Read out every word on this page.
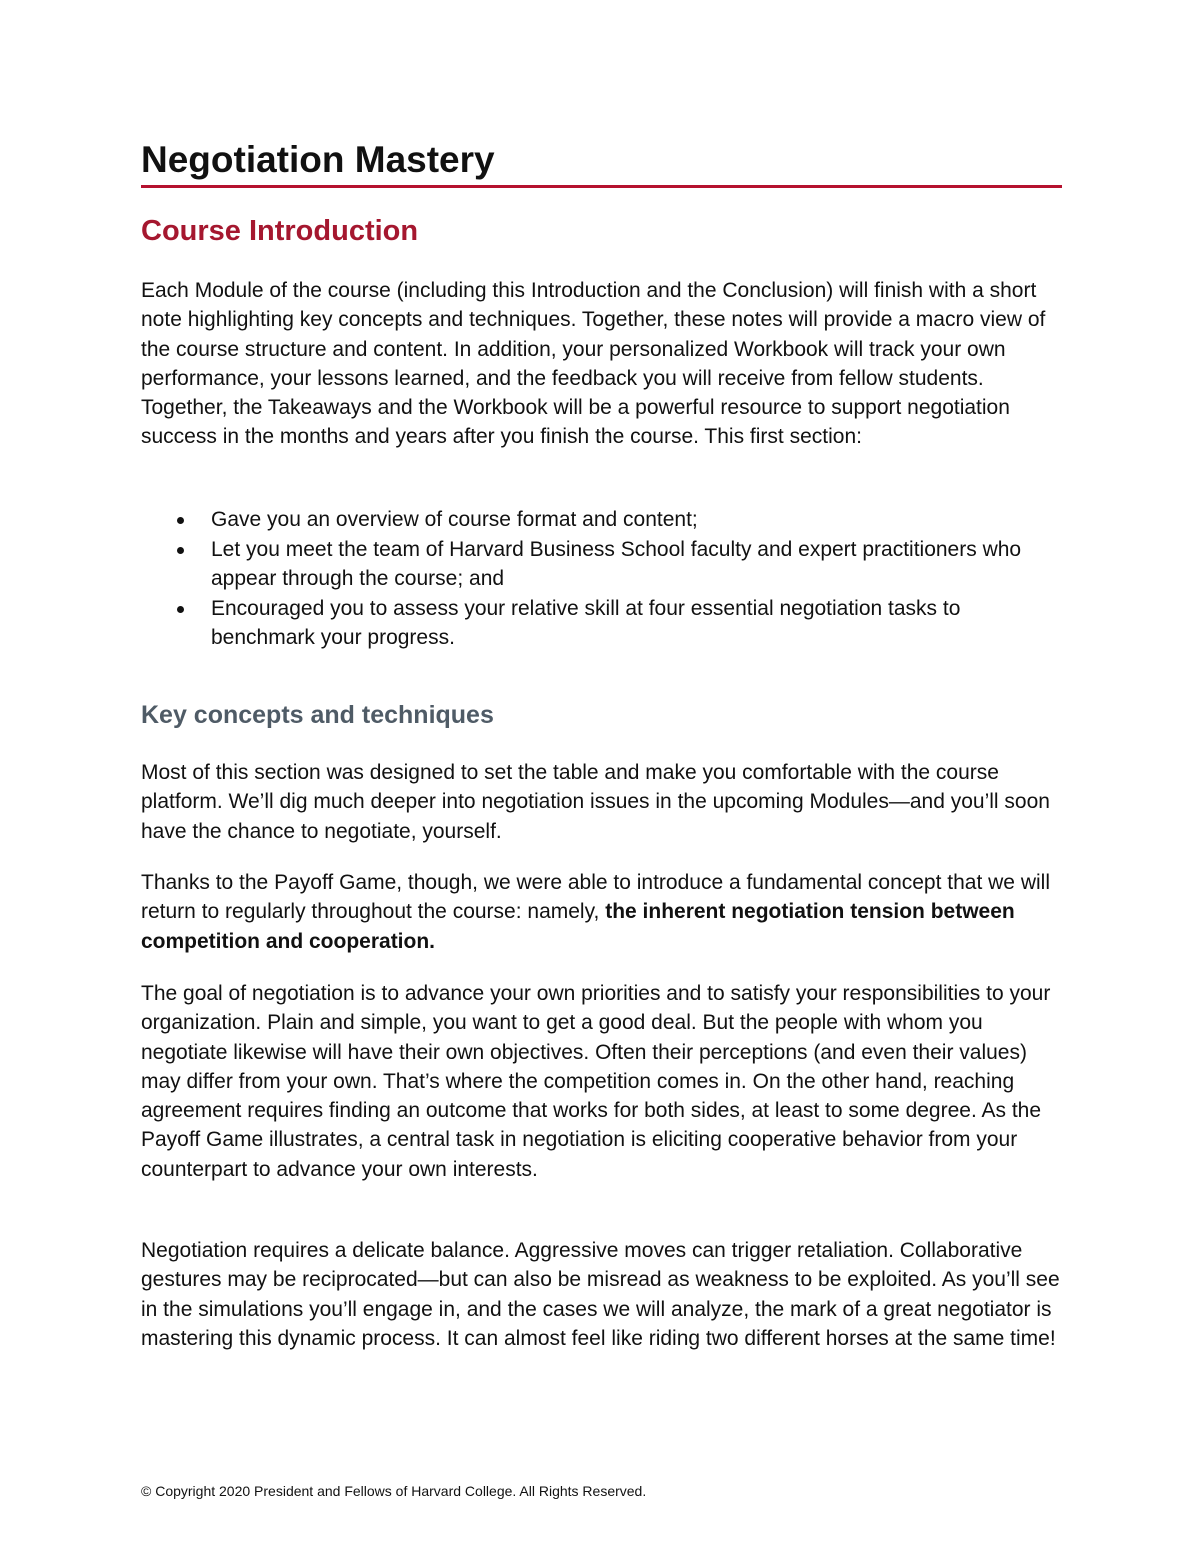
Negotiation Mastery
Course Introduction

Each Module of the course (including this Introduction and the Conclusion) will finish with a short note highlighting key concepts and techniques. Together, these notes will provide a macro view of the course structure and content. In addition, your personalized Workbook will track your own performance, your lessons learned, and the feedback you will receive from fellow students. Together, the Takeaways and the Workbook will be a powerful resource to support negotiation success in the months and years after you finish the course. This first section:

Gave you an overview of course format and content;
Let you meet the team of Harvard Business School faculty and expert practitioners who appear through the course; and
Encouraged you to assess your relative skill at four essential negotiation tasks to benchmark your progress.
Key concepts and techniques

Most of this section was designed to set the table and make you comfortable with the course platform. We’ll dig much deeper into negotiation issues in the upcoming Modules—and you’ll soon have the chance to negotiate, yourself.

Thanks to the Payoff Game, though, we were able to introduce a fundamental concept that we will return to regularly throughout the course: namely, the inherent negotiation tension between competition and cooperation.

The goal of negotiation is to advance your own priorities and to satisfy your responsibilities to your organization. Plain and simple, you want to get a good deal. But the people with whom you negotiate likewise will have their own objectives. Often their perceptions (and even their values) may differ from your own. That’s where the competition comes in. On the other hand, reaching agreement requires finding an outcome that works for both sides, at least to some degree. As the Payoff Game illustrates, a central task in negotiation is eliciting cooperative behavior from your counterpart to advance your own interests.

Negotiation requires a delicate balance. Aggressive moves can trigger retaliation. Collaborative gestures may be reciprocated—but can also be misread as weakness to be exploited. As you’ll see in the simulations you’ll engage in, and the cases we will analyze, the mark of a great negotiator is mastering this dynamic process. It can almost feel like riding two different horses at the same time!

© Copyright 2020 President and Fellows of Harvard College. All Rights Reserved.
